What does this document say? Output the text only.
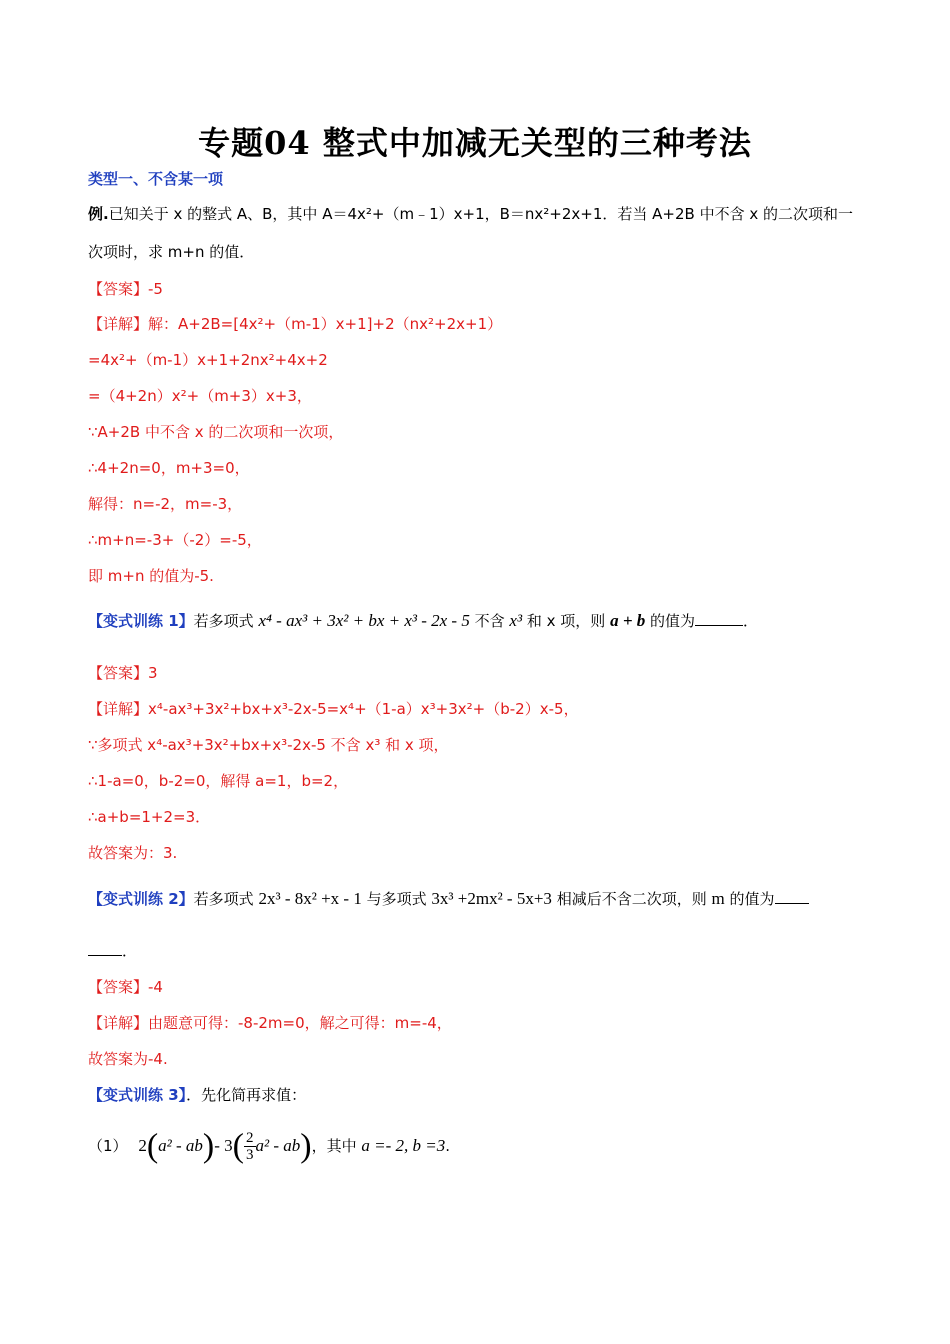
专题04 整式中加减无关型的三种考法
类型一、不含某一项
例.已知关于 x 的整式 A、B，其中 A＝4x²+（m﹣1）x+1，B＝nx²+2x+1．若当 A+2B 中不含 x 的二次项和一
次项时，求 m+n 的值．
【答案】-5
【详解】解：A+2B=[4x²+（m-1）x+1]+2（nx²+2x+1）
=4x²+（m-1）x+1+2nx²+4x+2
=（4+2n）x²+（m+3）x+3，
∵A+2B 中不含 x 的二次项和一次项，
∴4+2n=0，m+3=0，
解得：n=-2，m=-3，
∴m+n=-3+（-2）=-5，
即 m+n 的值为-5.
【变式训练 1】若多项式 x⁴ - ax³ + 3x² + bx + x³ - 2x - 5 不含 x³ 和 x 项，则 a + b 的值为	．
【答案】3
【详解】x⁴-ax³+3x²+bx+x³-2x-5=x⁴+（1-a）x³+3x²+（b-2）x-5，
∵多项式 x⁴-ax³+3x²+bx+x³-2x-5 不含 x³ 和 x 项，
∴1-a=0，b-2=0，解得 a=1，b=2，
∴a+b=1+2=3．
故答案为：3.
【变式训练 2】若多项式 2x³ - 8x² +x - 1 与多项式 3x³ +2mx² - 5x+3 相减后不含二次项，则 m 的值为
．
【答案】-4
【详解】由题意可得：-8-2m=0，解之可得：m=-4，
故答案为-4.
【变式训练 3】．先化简再求值：
（1） 2(a² - ab)- $3( \frac{2}{3} a^2 - ab)$，其中 a =- 2, b =3.
